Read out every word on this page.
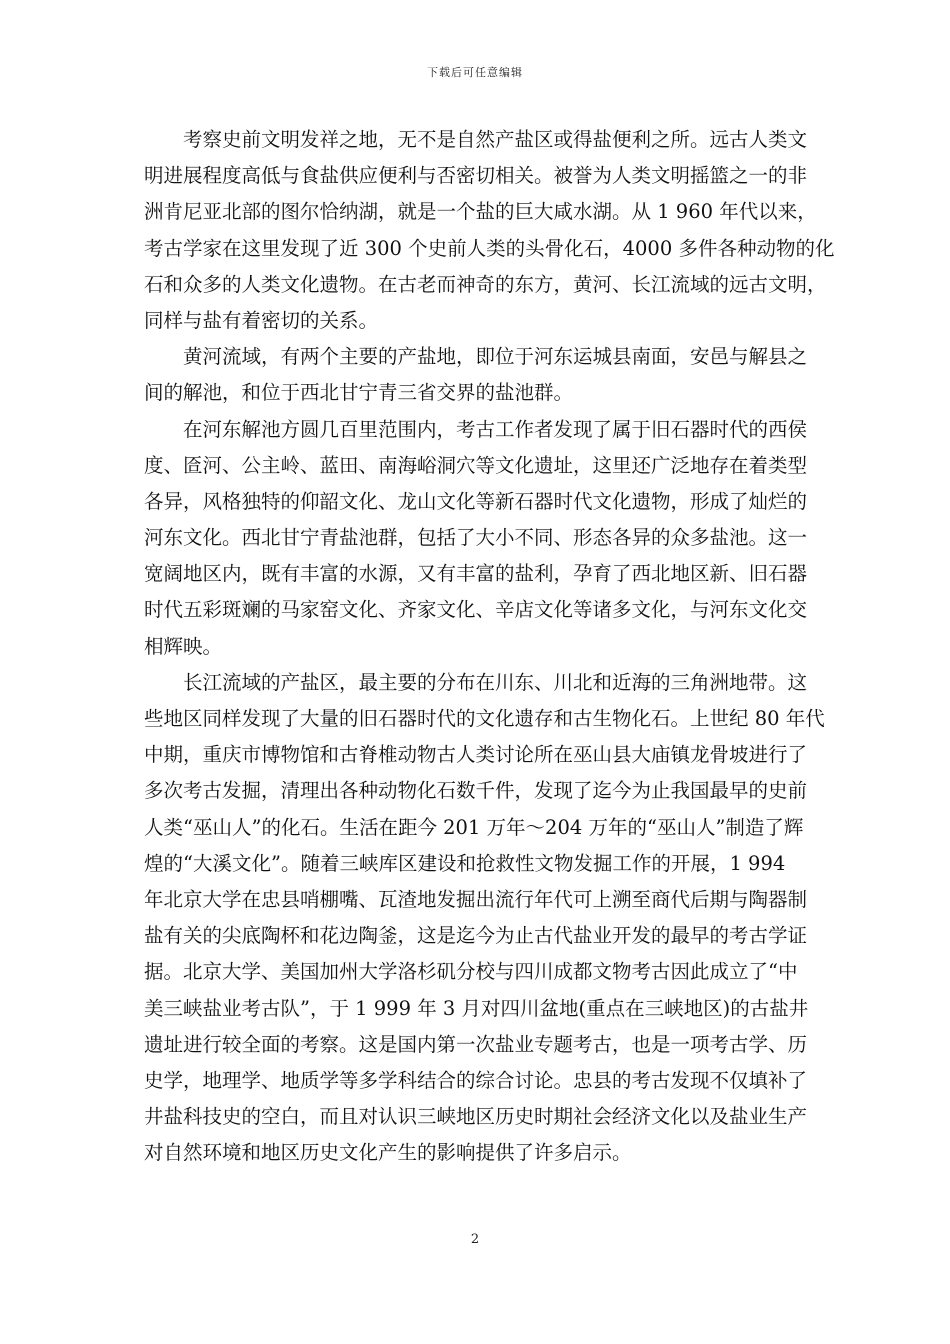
下载后可任意编辑
　　考察史前文明发祥之地，无不是自然产盐区或得盐便利之所。远古人类文
明进展程度高低与食盐供应便利与否密切相关。被誉为人类文明摇篮之一的非
洲肯尼亚北部的图尔恰纳湖，就是一个盐的巨大咸水湖。从 1 960 年代以来，
考古学家在这里发现了近 300 个史前人类的头骨化石，4000 多件各种动物的化
石和众多的人类文化遗物。在古老而神奇的东方，黄河、长江流域的远古文明，
同样与盐有着密切的关系。
　　黄河流域，有两个主要的产盐地，即位于河东运城县南面，安邑与解县之
间的解池，和位于西北甘宁青三省交界的盐池群。
　　在河东解池方圆几百里范围内，考古工作者发现了属于旧石器时代的西侯
度、匼河、公主岭、蓝田、南海峪洞穴等文化遗址，这里还广泛地存在着类型
各异，风格独特的仰韶文化、龙山文化等新石器时代文化遗物，形成了灿烂的
河东文化。西北甘宁青盐池群，包括了大小不同、形态各异的众多盐池。这一
宽阔地区内，既有丰富的水源，又有丰富的盐利，孕育了西北地区新、旧石器
时代五彩斑斓的马家窑文化、齐家文化、辛店文化等诸多文化，与河东文化交
相辉映。
　　长江流域的产盐区，最主要的分布在川东、川北和近海的三角洲地带。这
些地区同样发现了大量的旧石器时代的文化遗存和古生物化石。上世纪 80 年代
中期，重庆市博物馆和古脊椎动物古人类讨论所在巫山县大庙镇龙骨坡进行了
多次考古发掘，清理出各种动物化石数千件，发现了迄今为止我国最早的史前
人类“巫山人”的化石。生活在距今 201 万年～204 万年的“巫山人”制造了辉
煌的“大溪文化”。随着三峡库区建设和抢救性文物发掘工作的开展，1 994
年北京大学在忠县哨棚嘴、瓦渣地发掘出流行年代可上溯至商代后期与陶器制
盐有关的尖底陶杯和花边陶釜，这是迄今为止古代盐业开发的最早的考古学证
据。北京大学、美国加州大学洛杉矶分校与四川成都文物考古因此成立了“中
美三峡盐业考古队”，于 1 999 年 3 月对四川盆地(重点在三峡地区)的古盐井
遗址进行较全面的考察。这是国内第一次盐业专题考古，也是一项考古学、历
史学，地理学、地质学等多学科结合的综合讨论。忠县的考古发现不仅填补了
井盐科技史的空白，而且对认识三峡地区历史时期社会经济文化以及盐业生产
对自然环境和地区历史文化产生的影响提供了许多启示。
2
